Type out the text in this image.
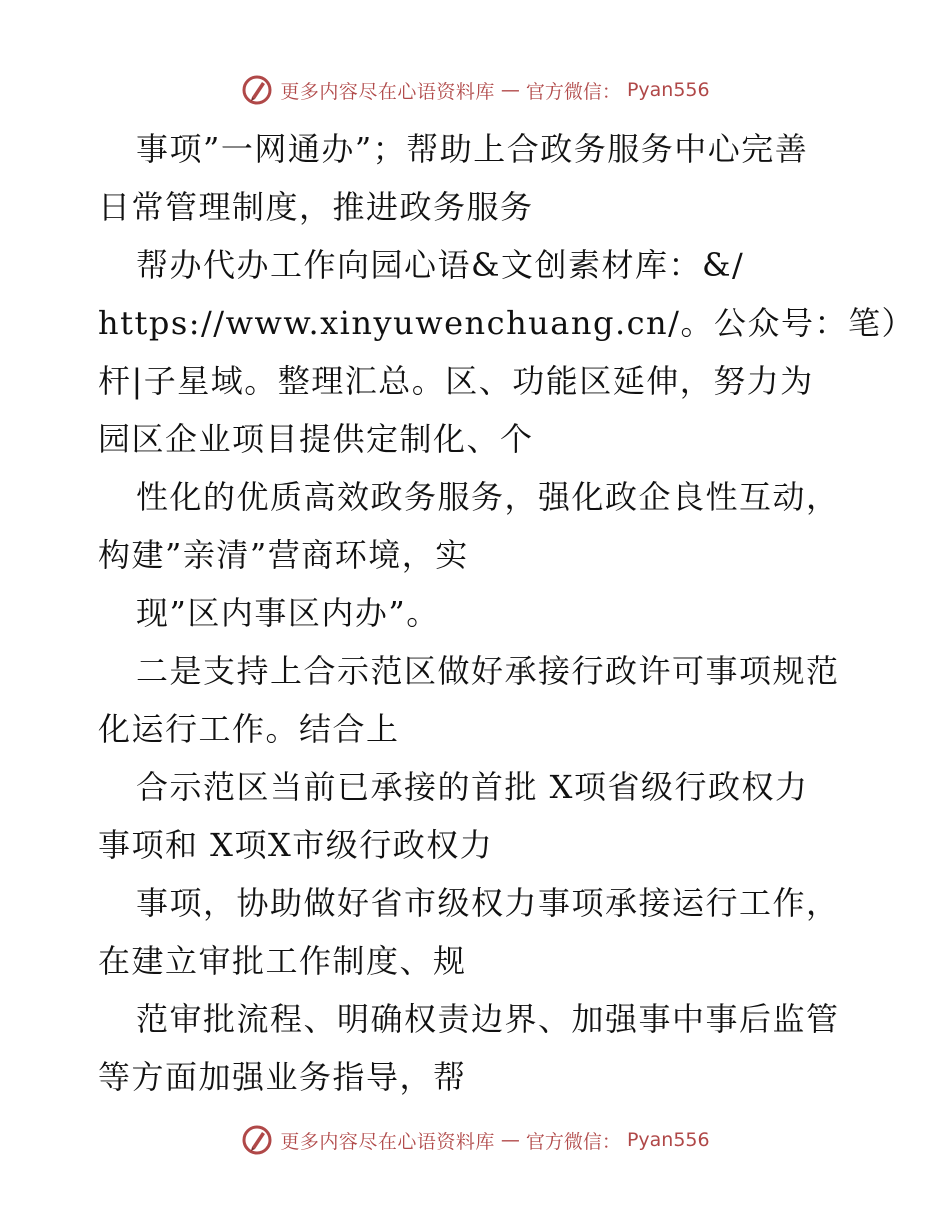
更多内容尽在心语资料库 — 官方微信： Pyan556
事项”一网通办”；帮助上合政务服务中心完善
日常管理制度，推进政务服务
帮办代办工作向园心语&文创素材库：&/
https://www.xinyuwenchuang.cn/。公众号：笔）
杆|子星域。整理汇总。区、功能区延伸，努力为
园区企业项目提供定制化、个
性化的优质高效政务服务，强化政企良性互动，
构建”亲清”营商环境，实
现”区内事区内办”。
二是支持上合示范区做好承接行政许可事项规范
化运行工作。结合上
合示范区当前已承接的首批 X项省级行政权力
事项和 X项X市级行政权力
事项，协助做好省市级权力事项承接运行工作，
在建立审批工作制度、规
范审批流程、明确权责边界、加强事中事后监管
等方面加强业务指导，帮
更多内容尽在心语资料库 — 官方微信： Pyan556
